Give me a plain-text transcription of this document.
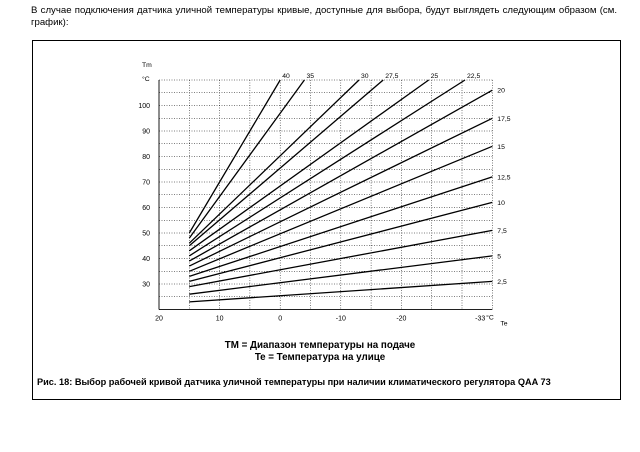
В случае подключения датчика уличной температуры кривые, доступные для выбора, будут выглядеть следующим образом (см. график):

30
40
50
60
70
80
90
100
Tm
°C
20	10	0	-10	-20	-33 °C
Te
2,5
5
7,5
10
12,5
15
17,5
20
22,5
25
27,5
30
35
40
TM = Диапазон температуры на подаче
Te = Температура на улице
Рис. 18: Выбор рабочей кривой датчика уличной температуры при наличии климатического регулятора QAA 73
